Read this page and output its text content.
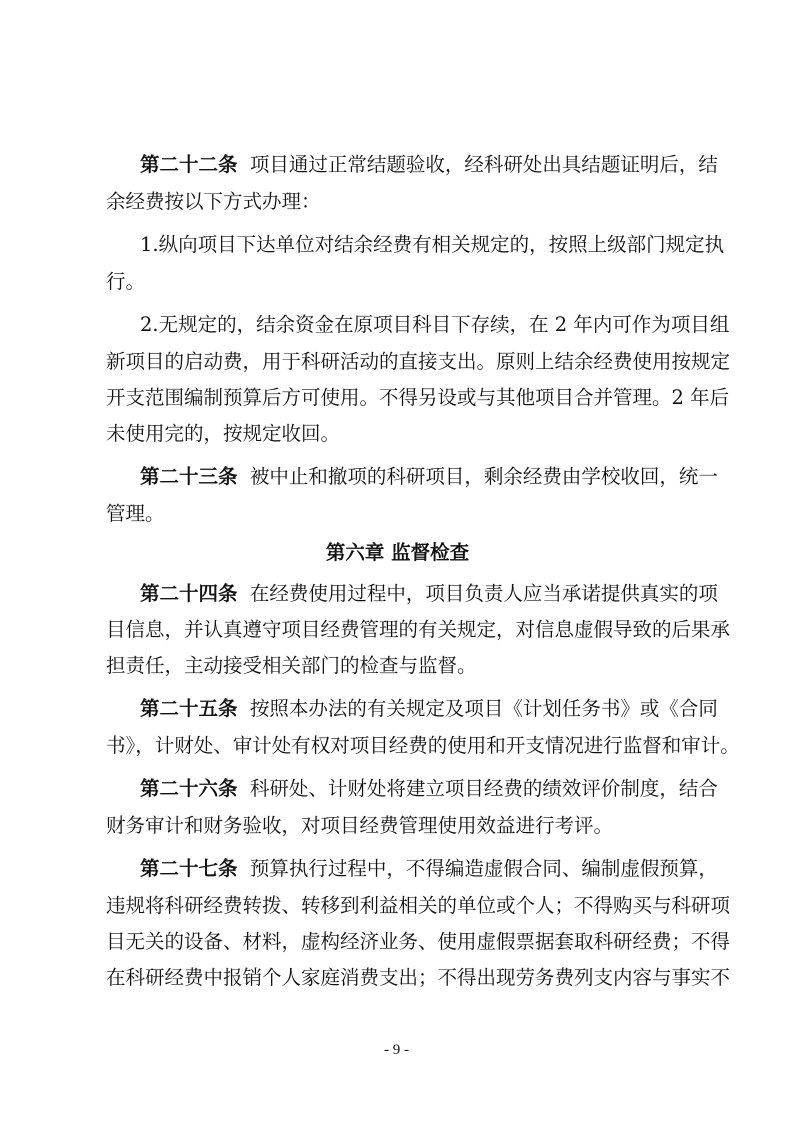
第二十二条 项目通过正常结题验收，经科研处出具结题证明后，结
余经费按以下方式办理：
1.纵向项目下达单位对结余经费有相关规定的，按照上级部门规定执
行。
2.无规定的，结余资金在原项目科目下存续，在 2 年内可作为项目组
新项目的启动费，用于科研活动的直接支出。原则上结余经费使用按规定
开支范围编制预算后方可使用。不得另设或与其他项目合并管理。2 年后
未使用完的，按规定收回。
第二十三条 被中止和撤项的科研项目，剩余经费由学校收回，统一
管理。
第六章 监督检查
第二十四条 在经费使用过程中，项目负责人应当承诺提供真实的项
目信息，并认真遵守项目经费管理的有关规定，对信息虚假导致的后果承
担责任，主动接受相关部门的检查与监督。
第二十五条 按照本办法的有关规定及项目《计划任务书》或《合同
书》，计财处、审计处有权对项目经费的使用和开支情况进行监督和审计。
第二十六条 科研处、计财处将建立项目经费的绩效评价制度，结合
财务审计和财务验收，对项目经费管理使用效益进行考评。
第二十七条 预算执行过程中，不得编造虚假合同、编制虚假预算，
违规将科研经费转拨、转移到利益相关的单位或个人；不得购买与科研项
目无关的设备、材料，虚构经济业务、使用虚假票据套取科研经费；不得
在科研经费中报销个人家庭消费支出；不得出现劳务费列支内容与事实不
- 9 -
